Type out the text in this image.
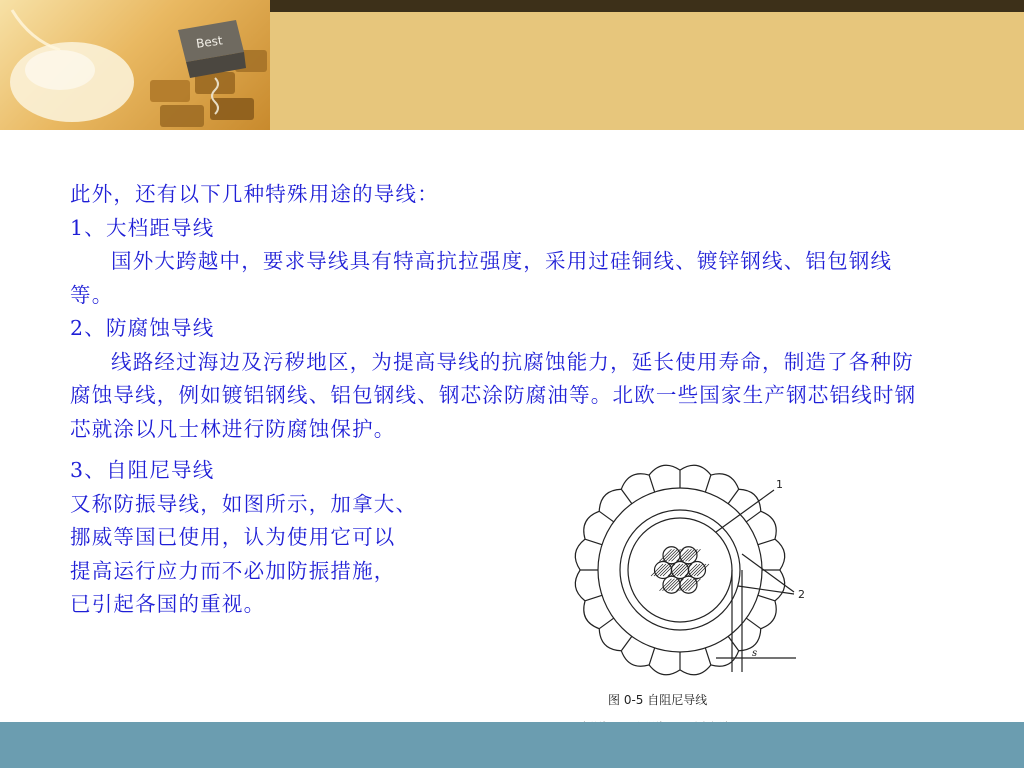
Best

此外，还有以下几种特殊用途的导线：

1、大档距导线

国外大跨越中，要求导线具有特高抗拉强度，采用过硅铜线、镀锌钢线、铝包钢线等。

2、防腐蚀导线

线路经过海边及污秽地区，为提高导线的抗腐蚀能力，延长使用寿命，制造了各种防腐蚀导线，例如镀铝钢线、铝包钢线、钢芯涂防腐油等。北欧一些国家生产钢芯铝线时钢芯就涂以凡士林进行防腐蚀保护。

3、自阻尼导线

又称防振导线，如图所示，加拿大、

挪威等国已使用，认为使用它可以

提高运行应力而不必加防振措施，

已引起各国的重视。

1
2
s
图 0-5 自阻尼导线
